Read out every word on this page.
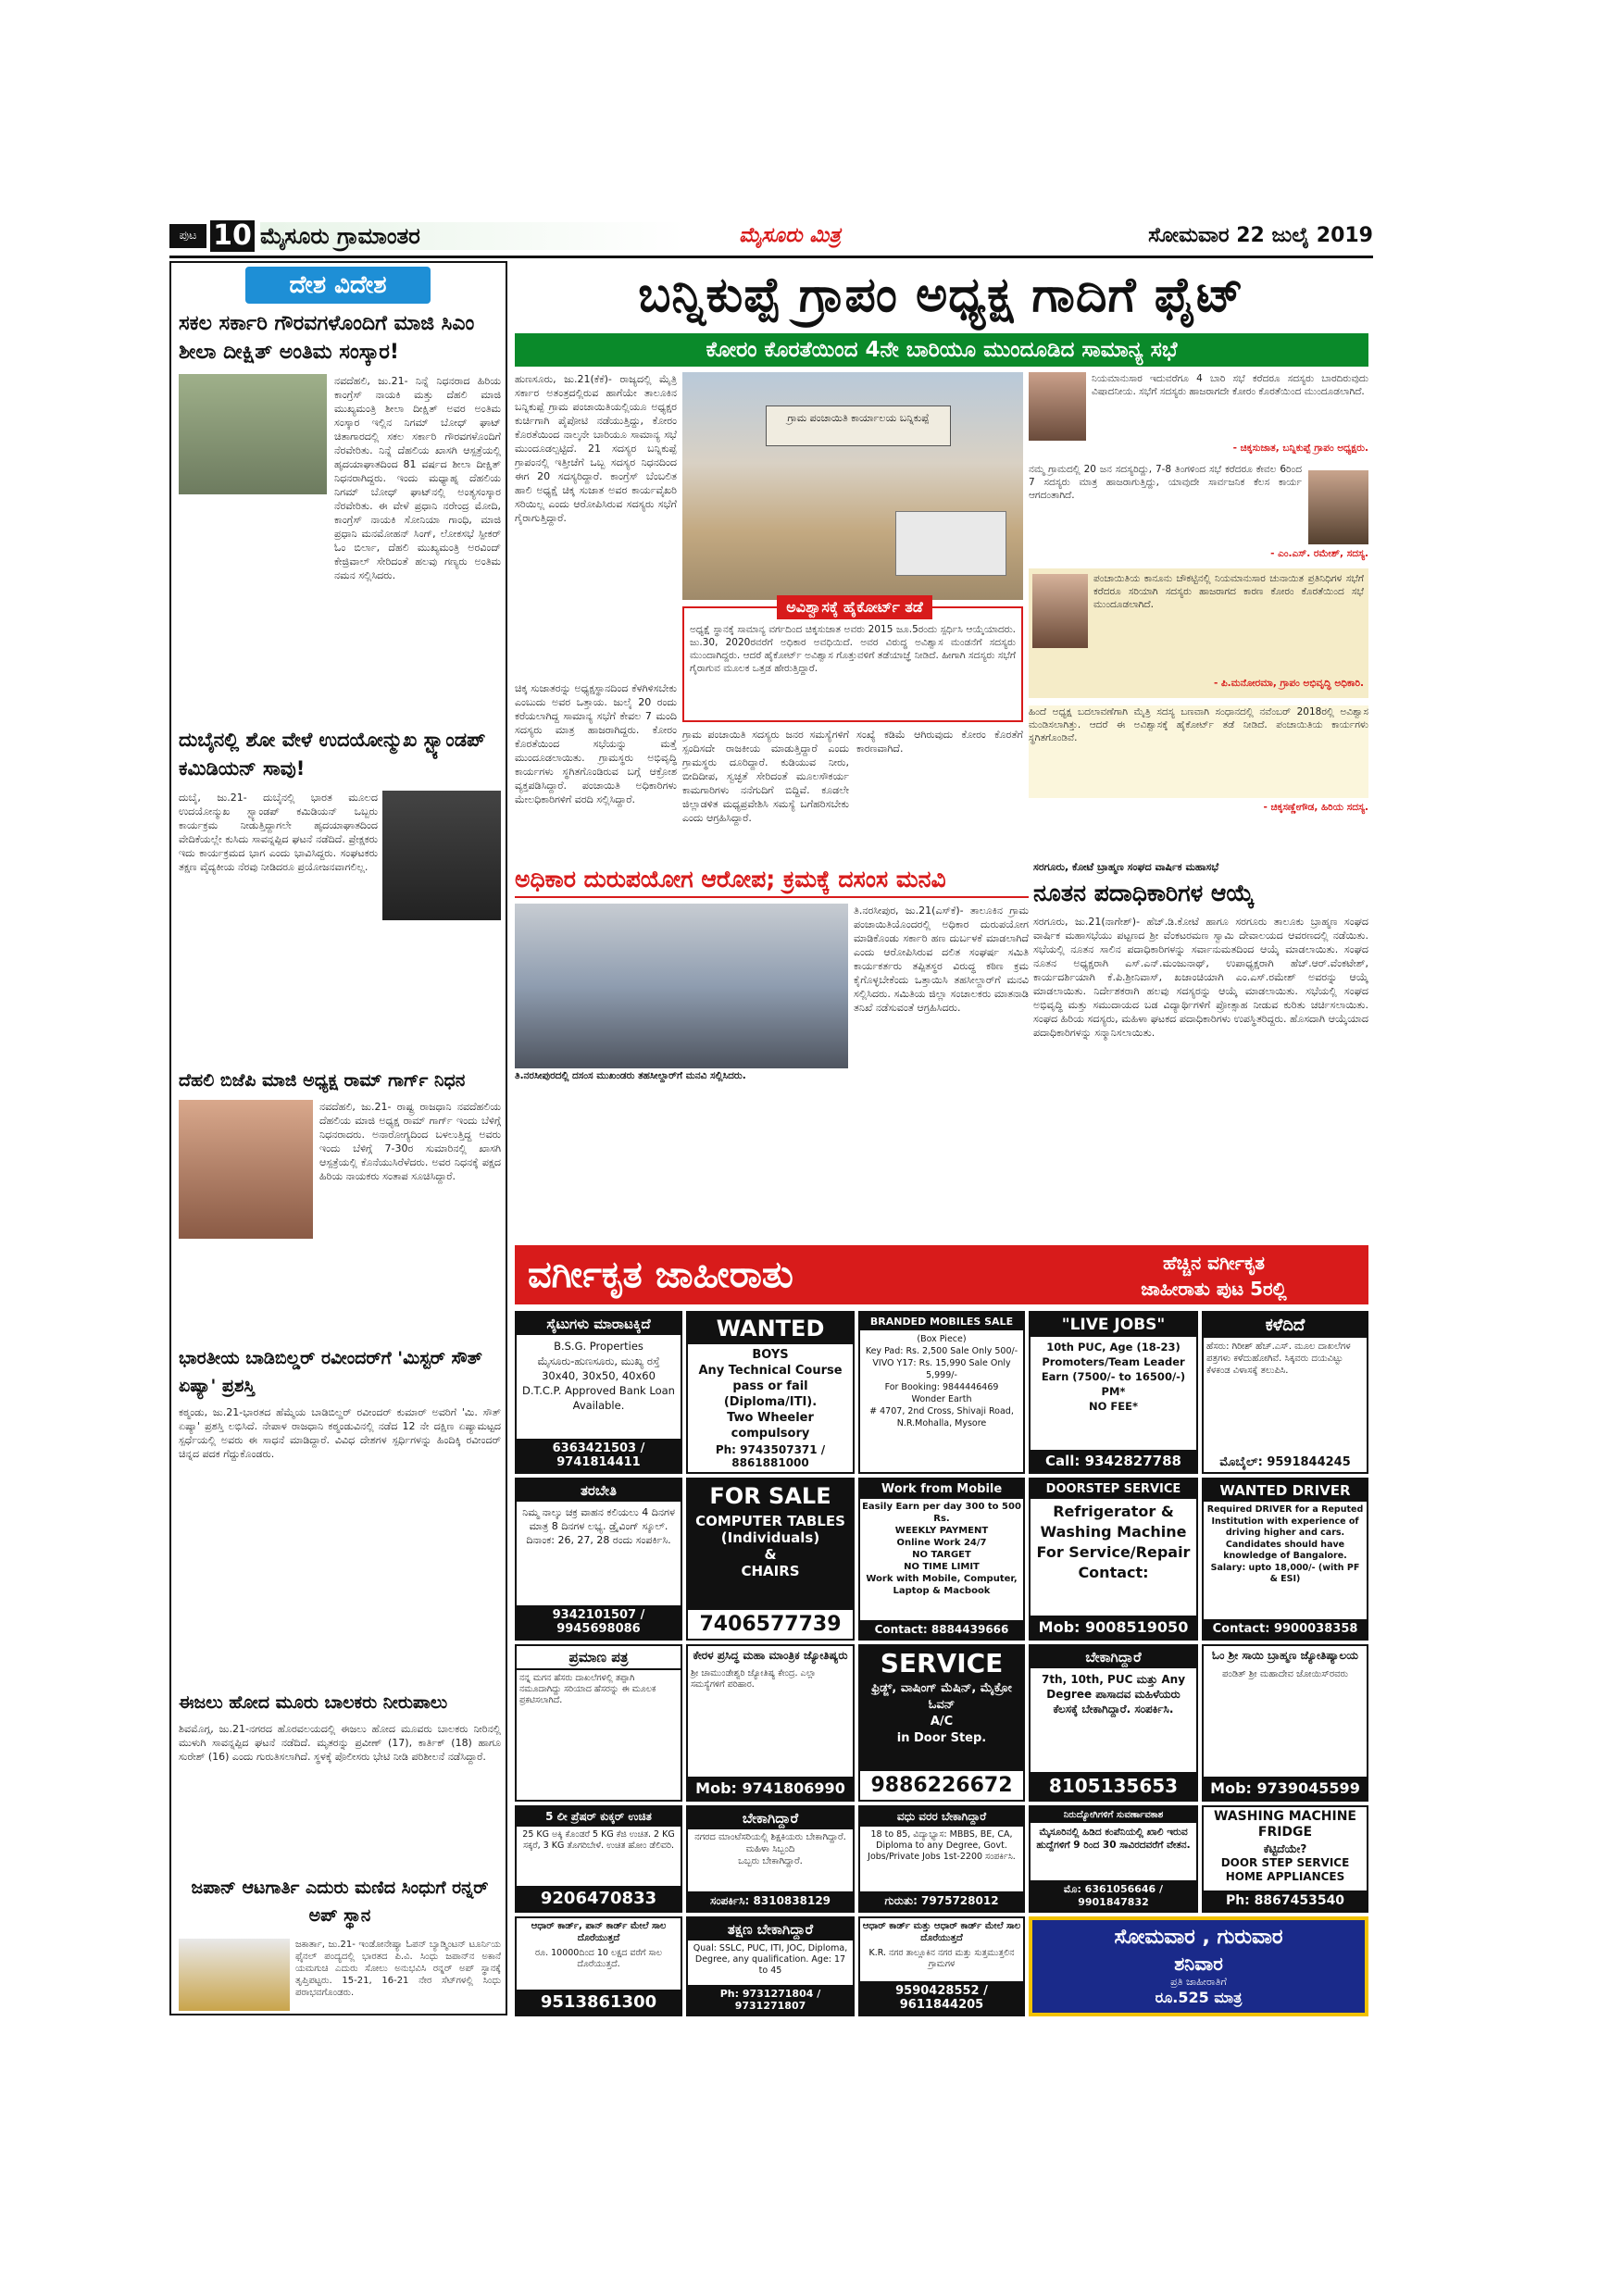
ಪುಟ 10 ಮೈಸೂರು ಗ್ರಾಮಾಂತರ	ಮೈಸೂರು ಮಿತ್ರ	ಸೋಮವಾರ 22 ಜುಲೈ 2019
ದೇಶ ವಿದೇಶ
ಸಕಲ ಸರ್ಕಾರಿ ಗೌರವಗಳೊಂದಿಗೆ ಮಾಜಿ ಸಿಎಂ ಶೀಲಾ ದೀಕ್ಷಿತ್ ಅಂತಿಮ ಸಂಸ್ಕಾರ!
ನವದೆಹಲಿ, ಜು.21- ನಿನ್ನೆ ನಿಧನರಾದ ಹಿರಿಯ ಕಾಂಗ್ರೆಸ್ ನಾಯಕಿ ಮತ್ತು ದೆಹಲಿ ಮಾಜಿ ಮುಖ್ಯಮಂತ್ರಿ ಶೀಲಾ ದೀಕ್ಷಿತ್ ಅವರ ಅಂತಿಮ ಸಂಸ್ಕಾರ ಇಲ್ಲಿನ ನಿಗಮ್ ಬೋಧ್ ಘಾಟ್ ಚಿತಾಗಾರದಲ್ಲಿ ಸಕಲ ಸರ್ಕಾರಿ ಗೌರವಗಳೊಂದಿಗೆ ನೆರವೇರಿತು. ನಿನ್ನೆ ದೆಹಲಿಯ ಖಾಸಗಿ ಆಸ್ಪತ್ರೆಯಲ್ಲಿ ಹೃದಯಾಘಾತದಿಂದ 81 ವರ್ಷದ ಶೀಲಾ ದೀಕ್ಷಿತ್ ನಿಧನರಾಗಿದ್ದರು. ಇಂದು ಮಧ್ಯಾಹ್ನ ದೆಹಲಿಯ ನಿಗಮ್ ಬೋಧ್ ಘಾಟ್‌ನಲ್ಲಿ ಅಂತ್ಯಸಂಸ್ಕಾರ ನೆರವೇರಿತು. ಈ ವೇಳೆ ಪ್ರಧಾನಿ ನರೇಂದ್ರ ಮೋದಿ, ಕಾಂಗ್ರೆಸ್ ನಾಯಕಿ ಸೋನಿಯಾ ಗಾಂಧಿ, ಮಾಜಿ ಪ್ರಧಾನಿ ಮನಮೋಹನ್ ಸಿಂಗ್, ಲೋಕಸಭೆ ಸ್ಪೀಕರ್ ಓಂ ಬಿರ್ಲಾ, ದೆಹಲಿ ಮುಖ್ಯಮಂತ್ರಿ ಅರವಿಂದ್ ಕೇಜ್ರಿವಾಲ್ ಸೇರಿದಂತೆ ಹಲವು ಗಣ್ಯರು ಅಂತಿಮ ನಮನ ಸಲ್ಲಿಸಿದರು.
ದುಬೈನಲ್ಲಿ ಶೋ ವೇಳೆ ಉದಯೋನ್ಮುಖ ಸ್ಟ್ಯಾಂಡಪ್ ಕಮಿಡಿಯನ್ ಸಾವು!
ದುಬೈ, ಜು.21- ದುಬೈನಲ್ಲಿ ಭಾರತ ಮೂಲದ ಉದಯೋನ್ಮುಖ ಸ್ಟ್ಯಾಂಡಪ್ ಕಮಿಡಿಯನ್ ಒಬ್ಬರು ಕಾರ್ಯಕ್ರಮ ನೀಡುತ್ತಿದ್ದಾಗಲೇ ಹೃದಯಾಘಾತದಿಂದ ವೇದಿಕೆಯಲ್ಲೇ ಕುಸಿದು ಸಾವನ್ನಪ್ಪಿದ ಘಟನೆ ನಡೆದಿದೆ. ಪ್ರೇಕ್ಷಕರು ಇದು ಕಾರ್ಯಕ್ರಮದ ಭಾಗ ಎಂದು ಭಾವಿಸಿದ್ದರು. ಸಂಘಟಕರು ತಕ್ಷಣ ವೈದ್ಯಕೀಯ ನೆರವು ನೀಡಿದರೂ ಪ್ರಯೋಜನವಾಗಲಿಲ್ಲ.
ದೆಹಲಿ ಬಿಜೆಪಿ ಮಾಜಿ ಅಧ್ಯಕ್ಷ ರಾಮ್ ಗಾರ್ಗ್ ನಿಧನ
ನವದೆಹಲಿ, ಜು.21- ರಾಷ್ಟ್ರ ರಾಜಧಾನಿ ನವದೆಹಲಿಯ ದೆಹಲಿಯ ಮಾಜಿ ಅಧ್ಯಕ್ಷ ರಾಮ್ ಗಾರ್ಗ್ ಇಂದು ಬೆಳಿಗ್ಗೆ ನಿಧನರಾದರು. ಅನಾರೋಗ್ಯದಿಂದ ಬಳಲುತ್ತಿದ್ದ ಅವರು ಇಂದು ಬೆಳಿಗ್ಗೆ 7-30ರ ಸುಮಾರಿನಲ್ಲಿ ಖಾಸಗಿ ಆಸ್ಪತ್ರೆಯಲ್ಲಿ ಕೊನೆಯುಸಿರೆಳೆದರು. ಅವರ ನಿಧನಕ್ಕೆ ಪಕ್ಷದ ಹಿರಿಯ ನಾಯಕರು ಸಂತಾಪ ಸೂಚಿಸಿದ್ದಾರೆ.
ಭಾರತೀಯ ಬಾಡಿಬಿಲ್ಡರ್ ರವೀಂದರ್‌ಗೆ 'ಮಿಸ್ಟರ್ ಸೌತ್ ಏಷ್ಯಾ' ಪ್ರಶಸ್ತಿ
ಕಠ್ಮಂಡು, ಜು.21-ಭಾರತದ ಹೆಮ್ಮೆಯ ಬಾಡಿಬಿಲ್ಡರ್ ರವೀಂದರ್ ಕುಮಾರ್ ಅವರಿಗೆ 'ಮಿ. ಸೌತ್ ಏಷ್ಯಾ' ಪ್ರಶಸ್ತಿ ಲಭಿಸಿದೆ. ನೇಪಾಳ ರಾಜಧಾನಿ ಕಠ್ಮಂಡುವಿನಲ್ಲಿ ನಡೆದ 12 ನೇ ದಕ್ಷಿಣ ಏಷ್ಯಾಮಟ್ಟದ ಸ್ಪರ್ಧೆಯಲ್ಲಿ ಅವರು ಈ ಸಾಧನೆ ಮಾಡಿದ್ದಾರೆ. ವಿವಿಧ ದೇಶಗಳ ಸ್ಪರ್ಧಿಗಳನ್ನು ಹಿಂದಿಕ್ಕಿ ರವೀಂದರ್ ಚಿನ್ನದ ಪದಕ ಗೆದ್ದುಕೊಂಡರು.
ಈಜಲು ಹೋದ ಮೂರು ಬಾಲಕರು ನೀರುಪಾಲು
ಶಿವಮೊಗ್ಗ, ಜು.21-ನಗರದ ಹೊರವಲಯದಲ್ಲಿ ಈಜಲು ಹೋದ ಮೂವರು ಬಾಲಕರು ನೀರಿನಲ್ಲಿ ಮುಳುಗಿ ಸಾವನ್ನಪ್ಪಿದ ಘಟನೆ ನಡೆದಿದೆ. ಮೃತರನ್ನು ಪ್ರವೀಣ್ (17), ಕಾರ್ತಿಕ್ (18) ಹಾಗೂ ಸುರೇಶ್ (16) ಎಂದು ಗುರುತಿಸಲಾಗಿದೆ. ಸ್ಥಳಕ್ಕೆ ಪೊಲೀಸರು ಭೇಟಿ ನೀಡಿ ಪರಿಶೀಲನೆ ನಡೆಸಿದ್ದಾರೆ.
ಜಪಾನ್ ಆಟಗಾರ್ತಿ ಎದುರು ಮಣಿದ ಸಿಂಧುಗೆ ರನ್ನರ್ ಅಪ್ ಸ್ಥಾನ
ಜಕಾರ್ತಾ, ಜು.21- ಇಂಡೋನೇಷ್ಯಾ ಓಪನ್ ಬ್ಯಾಡ್ಮಿಂಟನ್ ಟೂರ್ನಿಯ ಫೈನಲ್ ಪಂದ್ಯದಲ್ಲಿ ಭಾರತದ ಪಿ.ವಿ. ಸಿಂಧು ಜಪಾನ್‌ನ ಅಕಾನೆ ಯಮಗುಚಿ ಎದುರು ಸೋಲು ಅನುಭವಿಸಿ ರನ್ನರ್ ಅಪ್ ಸ್ಥಾನಕ್ಕೆ ತೃಪ್ತಿಪಟ್ಟರು. 15-21, 16-21 ನೇರ ಸೆಟ್‌ಗಳಲ್ಲಿ ಸಿಂಧು ಪರಾಭವಗೊಂಡರು.
ಬನ್ನಿಕುಪ್ಪೆ ಗ್ರಾಪಂ ಅಧ್ಯಕ್ಷ ಗಾದಿಗೆ ಫೈಟ್
ಕೋರಂ ಕೊರತೆಯಿಂದ 4ನೇ ಬಾರಿಯೂ ಮುಂದೂಡಿದ ಸಾಮಾನ್ಯ ಸಭೆ
ಹುಣಸೂರು, ಜು.21(ಕೆಕೆ)- ರಾಜ್ಯದಲ್ಲಿ ಮೈತ್ರಿ ಸರ್ಕಾರ ಅತಂತ್ರದಲ್ಲಿರುವ ಹಾಗೆಯೇ ತಾಲೂಕಿನ ಬನ್ನಿಕುಪ್ಪೆ ಗ್ರಾಮ ಪಂಚಾಯಿತಿಯಲ್ಲಿಯೂ ಅಧ್ಯಕ್ಷರ ಕುರ್ಚಿಗಾಗಿ ಪೈಪೋಟಿ ನಡೆಯುತ್ತಿದ್ದು, ಕೋರಂ ಕೊರತೆಯಿಂದ ನಾಲ್ಕನೇ ಬಾರಿಯೂ ಸಾಮಾನ್ಯ ಸಭೆ ಮುಂದೂಡಲ್ಪಟ್ಟಿದೆ. 21 ಸದಸ್ಯರ ಬನ್ನಿಕುಪ್ಪೆ ಗ್ರಾಪಂನಲ್ಲಿ ಇತ್ತೀಚೆಗೆ ಒಬ್ಬ ಸದಸ್ಯರ ನಿಧನದಿಂದ ಈಗ 20 ಸದಸ್ಯರಿದ್ದಾರೆ. ಕಾಂಗ್ರೆಸ್ ಬೆಂಬಲಿತ ಹಾಲಿ ಅಧ್ಯಕ್ಷೆ ಚಿಕ್ಕ ಸುಜಾತ ಅವರ ಕಾರ್ಯವೈಖರಿ ಸರಿಯಿಲ್ಲ ಎಂದು ಆರೋಪಿಸಿರುವ ಸದಸ್ಯರು ಸಭೆಗೆ ಗೈರಾಗುತ್ತಿದ್ದಾರೆ.
ಗ್ರಾಮ ಪಂಚಾಯಿತಿ ಕಾರ್ಯಾಲಯ ಬನ್ನಿಕುಪ್ಪೆ
ಚಿಕ್ಕ ಸುಜಾತರನ್ನು ಅಧ್ಯಕ್ಷಸ್ಥಾನದಿಂದ ಕೆಳಗಿಳಿಸಬೇಕು ಎಂಬುದು ಅವರ ಒತ್ತಾಯ. ಜುಲೈ 20 ರಂದು ಕರೆಯಲಾಗಿದ್ದ ಸಾಮಾನ್ಯ ಸಭೆಗೆ ಕೇವಲ 7 ಮಂದಿ ಸದಸ್ಯರು ಮಾತ್ರ ಹಾಜರಾಗಿದ್ದರು. ಕೋರಂ ಕೊರತೆಯಿಂದ ಸಭೆಯನ್ನು ಮತ್ತೆ ಮುಂದೂಡಲಾಯಿತು. ಗ್ರಾಮಸ್ಥರು ಅಭಿವೃದ್ಧಿ ಕಾರ್ಯಗಳು ಸ್ಥಗಿತಗೊಂಡಿರುವ ಬಗ್ಗೆ ಆಕ್ರೋಶ ವ್ಯಕ್ತಪಡಿಸಿದ್ದಾರೆ. ಪಂಚಾಯಿತಿ ಅಧಿಕಾರಿಗಳು ಮೇಲಧಿಕಾರಿಗಳಿಗೆ ವರದಿ ಸಲ್ಲಿಸಿದ್ದಾರೆ.
ಅವಿಶ್ವಾಸಕ್ಕೆ ಹೈಕೋರ್ಟ್ ತಡೆ
ಅಧ್ಯಕ್ಷೆ ಸ್ಥಾನಕ್ಕೆ ಸಾಮಾನ್ಯ ವರ್ಗದಿಂದ ಚಿಕ್ಕಸುಜಾತ ಅವರು 2015 ಜೂ.5ರಂದು ಸ್ಪರ್ಧಿಸಿ ಆಯ್ಕೆಯಾದರು. ಜು.30, 2020ರವರೆಗೆ ಅಧಿಕಾರ ಅವಧಿಯಿದೆ. ಅವರ ವಿರುದ್ಧ ಅವಿಶ್ವಾಸ ಮಂಡನೆಗೆ ಸದಸ್ಯರು ಮುಂದಾಗಿದ್ದರು. ಆದರೆ ಹೈಕೋರ್ಟ್ ಅವಿಶ್ವಾಸ ಗೊತ್ತುವಳಿಗೆ ತಡೆಯಾಜ್ಞೆ ನೀಡಿದೆ. ಹೀಗಾಗಿ ಸದಸ್ಯರು ಸಭೆಗೆ ಗೈರಾಗುವ ಮೂಲಕ ಒತ್ತಡ ಹೇರುತ್ತಿದ್ದಾರೆ.
ಗ್ರಾಮ ಪಂಚಾಯಿತಿ ಸದಸ್ಯರು ಜನರ ಸಮಸ್ಯೆಗಳಿಗೆ ಸ್ಪಂದಿಸದೇ ರಾಜಕೀಯ ಮಾಡುತ್ತಿದ್ದಾರೆ ಎಂದು ಗ್ರಾಮಸ್ಥರು ದೂರಿದ್ದಾರೆ. ಕುಡಿಯುವ ನೀರು, ಬೀದಿದೀಪ, ಸ್ವಚ್ಛತೆ ಸೇರಿದಂತೆ ಮೂಲಸೌಕರ್ಯ ಕಾಮಗಾರಿಗಳು ನನೆಗುದಿಗೆ ಬಿದ್ದಿವೆ. ಕೂಡಲೇ ಜಿಲ್ಲಾಡಳಿತ ಮಧ್ಯಪ್ರವೇಶಿಸಿ ಸಮಸ್ಯೆ ಬಗೆಹರಿಸಬೇಕು ಎಂದು ಆಗ್ರಹಿಸಿದ್ದಾರೆ.
ಸಂಖ್ಯೆ ಕಡಿಮೆ ಆಗಿರುವುದು ಕೋರಂ ಕೊರತೆಗೆ ಕಾರಣವಾಗಿದೆ.
ನಿಯಮಾನುಸಾರ ಇದುವರೆಗೂ 4 ಬಾರಿ ಸಭೆ ಕರೆದರೂ ಸದಸ್ಯರು ಬಾರದಿರುವುದು ವಿಷಾದನೀಯ. ಸಭೆಗೆ ಸದಸ್ಯರು ಹಾಜರಾಗದೇ ಕೋರಂ ಕೊರತೆಯಿಂದ ಮುಂದೂಡಲಾಗಿದೆ.
- ಚಿಕ್ಕಸುಜಾತ, ಬನ್ನಿಕುಪ್ಪೆ ಗ್ರಾಪಂ ಅಧ್ಯಕ್ಷರು.
ನಮ್ಮ ಗ್ರಾಮದಲ್ಲಿ 20 ಜನ ಸದಸ್ಯರಿದ್ದು, 7-8 ತಿಂಗಳಿಂದ ಸಭೆ ಕರೆದರೂ ಕೇವಲ 6ರಿಂದ 7 ಸದಸ್ಯರು ಮಾತ್ರ ಹಾಜರಾಗುತ್ತಿದ್ದು, ಯಾವುದೇ ಸಾರ್ವಜನಿಕ ಕೆಲಸ ಕಾರ್ಯ ಆಗದಂತಾಗಿದೆ.
- ಎಂ.ಎಸ್. ರಮೇಶ್, ಸದಸ್ಯ.
ಪಂಚಾಯಿತಿಯ ಕಾನೂನು ಚೌಕಟ್ಟಿನಲ್ಲಿ ನಿಯಮಾನುಸಾರ ಚುನಾಯಿತ ಪ್ರತಿನಿಧಿಗಳ ಸಭೆಗೆ ಕರೆದರೂ ಸರಿಯಾಗಿ ಸದಸ್ಯರು ಹಾಜರಾಗದ ಕಾರಣ ಕೋರಂ ಕೊರತೆಯಿಂದ ಸಭೆ ಮುಂದೂಡಲಾಗಿದೆ.
- ಪಿ.ಮನೋರಮಾ, ಗ್ರಾಪಂ ಅಭಿವೃದ್ಧಿ ಅಧಿಕಾರಿ.
ಹಿಂದೆ ಅಧ್ಯಕ್ಷ ಬದಲಾವಣೆಗಾಗಿ ಮೈತ್ರಿ ಸದಸ್ಯ ಬಣವಾಗಿ ಸಂಧಾನದಲ್ಲಿ ನವೆಂಬರ್ 2018ರಲ್ಲಿ ಅವಿಶ್ವಾಸ ಮಂಡಿಸಲಾಗಿತ್ತು. ಆದರೆ ಈ ಅವಿಶ್ವಾಸಕ್ಕೆ ಹೈಕೋರ್ಟ್ ತಡೆ ನೀಡಿದೆ. ಪಂಚಾಯಿತಿಯ ಕಾರ್ಯಗಳು ಸ್ಥಗಿತಗೊಂಡಿವೆ.
- ಚಿಕ್ಕಸಣ್ಣೇಗೌಡ, ಹಿರಿಯ ಸದಸ್ಯ.
ಅಧಿಕಾರ ದುರುಪಯೋಗ ಆರೋಪ; ಕ್ರಮಕ್ಕೆ ದಸಂಸ ಮನವಿ
ತಿ.ನರಸೀಪುರದಲ್ಲಿ ದಸಂಸ ಮುಖಂಡರು ತಹಸೀಲ್ದಾರ್‌ಗೆ ಮನವಿ ಸಲ್ಲಿಸಿದರು.
ತಿ.ನರಸೀಪುರ, ಜು.21(ಎಸ್‌ಕೆ)- ತಾಲೂಕಿನ ಗ್ರಾಮ ಪಂಚಾಯಿತಿಯೊಂದರಲ್ಲಿ ಅಧಿಕಾರ ದುರುಪಯೋಗ ಮಾಡಿಕೊಂಡು ಸರ್ಕಾರಿ ಹಣ ದುರ್ಬಳಕೆ ಮಾಡಲಾಗಿದೆ ಎಂದು ಆರೋಪಿಸಿರುವ ದಲಿತ ಸಂಘರ್ಷ ಸಮಿತಿ ಕಾರ್ಯಕರ್ತರು ತಪ್ಪಿತಸ್ಥರ ವಿರುದ್ಧ ಕಠಿಣ ಕ್ರಮ ಕೈಗೊಳ್ಳಬೇಕೆಂದು ಒತ್ತಾಯಿಸಿ ತಹಸೀಲ್ದಾರ್‌ಗೆ ಮನವಿ ಸಲ್ಲಿಸಿದರು. ಸಮಿತಿಯ ಜಿಲ್ಲಾ ಸಂಚಾಲಕರು ಮಾತನಾಡಿ ತನಿಖೆ ನಡೆಸುವಂತೆ ಆಗ್ರಹಿಸಿದರು.
ಸರಗೂರು, ಕೋಟೆ ಬ್ರಾಹ್ಮಣ ಸಂಘದ ವಾರ್ಷಿಕ ಮಹಾಸಭೆ
ನೂತನ ಪದಾಧಿಕಾರಿಗಳ ಆಯ್ಕೆ
ಸರಗೂರು, ಜು.21(ನಾಗೇಶ್)- ಹೆಚ್.ಡಿ.ಕೋಟೆ ಹಾಗೂ ಸರಗೂರು ತಾಲೂಕು ಬ್ರಾಹ್ಮಣ ಸಂಘದ ವಾರ್ಷಿಕ ಮಹಾಸಭೆಯು ಪಟ್ಟಣದ ಶ್ರೀ ವೆಂಕಟರಮಣ ಸ್ವಾಮಿ ದೇವಾಲಯದ ಆವರಣದಲ್ಲಿ ನಡೆಯಿತು. ಸಭೆಯಲ್ಲಿ ನೂತನ ಸಾಲಿನ ಪದಾಧಿಕಾರಿಗಳನ್ನು ಸರ್ವಾನುಮತದಿಂದ ಆಯ್ಕೆ ಮಾಡಲಾಯಿತು. ಸಂಘದ ನೂತನ ಅಧ್ಯಕ್ಷರಾಗಿ ಎಸ್.ಎನ್.ಮಂಜುನಾಥ್, ಉಪಾಧ್ಯಕ್ಷರಾಗಿ ಹೆಚ್.ಆರ್.ವೆಂಕಟೇಶ್, ಕಾರ್ಯದರ್ಶಿಯಾಗಿ ಕೆ.ಪಿ.ಶ್ರೀನಿವಾಸ್, ಖಜಾಂಚಿಯಾಗಿ ಎಂ.ಎಸ್.ರಮೇಶ್ ಅವರನ್ನು ಆಯ್ಕೆ ಮಾಡಲಾಯಿತು. ನಿರ್ದೇಶಕರಾಗಿ ಹಲವು ಸದಸ್ಯರನ್ನು ಆಯ್ಕೆ ಮಾಡಲಾಯಿತು. ಸಭೆಯಲ್ಲಿ ಸಂಘದ ಅಭಿವೃದ್ಧಿ ಮತ್ತು ಸಮುದಾಯದ ಬಡ ವಿದ್ಯಾರ್ಥಿಗಳಿಗೆ ಪ್ರೋತ್ಸಾಹ ನೀಡುವ ಕುರಿತು ಚರ್ಚಿಸಲಾಯಿತು. ಸಂಘದ ಹಿರಿಯ ಸದಸ್ಯರು, ಮಹಿಳಾ ಘಟಕದ ಪದಾಧಿಕಾರಿಗಳು ಉಪಸ್ಥಿತರಿದ್ದರು. ಹೊಸದಾಗಿ ಆಯ್ಕೆಯಾದ ಪದಾಧಿಕಾರಿಗಳನ್ನು ಸನ್ಮಾನಿಸಲಾಯಿತು.
ವರ್ಗೀಕೃತ ಜಾಹೀರಾತು	ಹೆಚ್ಚಿನ ವರ್ಗೀಕೃತ
ಜಾಹೀರಾತು ಪುಟ 5ರಲ್ಲಿ
ಸೈಟುಗಳು ಮಾರಾಟಕ್ಕಿದೆ
B.S.G. Properties
ಮೈಸೂರು-ಹುಣಸೂರು, ಮುಖ್ಯ ರಸ್ತೆ
30x40, 30x50, 40x60
D.T.C.P. Approved Bank Loan Available.
6363421503 / 9741814411
WANTED
BOYS
Any Technical Course pass or fail (Diploma/ITI).
Two Wheeler compulsory
Ph: 9743507371 / 8861881000
BRANDED MOBILES SALE
(Box Piece)
Key Pad: Rs. 2,500 Sale Only 500/-
VIVO Y17: Rs. 15,990 Sale Only 5,999/-
For Booking: 9844446469
Wonder Earth
# 4707, 2nd Cross, Shivaji Road, N.R.Mohalla, Mysore
"LIVE JOBS"
10th PUC, Age (18-23)
Promoters/Team Leader
Earn (7500/- to 16500/-) PM*
NO FEE*
Call: 9342827788
ಕಳೆದಿದೆ
ಹೆಸರು: ಗಿರೀಶ್ ಹೆಚ್.ಎಸ್. ಮೂಲ ದಾಖಲೆಗಳ ಪತ್ರಗಳು ಕಳೆದುಹೋಗಿವೆ. ಸಿಕ್ಕವರು ದಯವಿಟ್ಟು ಕೆಳಕಂಡ ವಿಳಾಸಕ್ಕೆ ತಲುಪಿಸಿ.
ಮೊಬೈಲ್: 9591844245
ತರಬೇತಿ
ನಿಮ್ಮ ನಾಲ್ಕು ಚಕ್ರ ವಾಹನ ಕಲಿಯಲು 4 ದಿನಗಳ ಮಾತ್ರ 8 ದಿನಗಳ ಲಭ್ಯ. ಡ್ರೈವಿಂಗ್ ಸ್ಕೂಲ್. ದಿನಾಂಕ: 26, 27, 28 ರಂದು ಸಂಪರ್ಕಿಸಿ.
9342101507 / 9945698086
FOR SALE
COMPUTER TABLES
(Individuals)
&
CHAIRS
7406577739
Work from Mobile
Easily Earn per day 300 to 500 Rs.
WEEKLY PAYMENT
Online Work 24/7
NO TARGET
NO TIME LIMIT
Work with Mobile, Computer, Laptop & Macbook
Contact: 8884439666
DOORSTEP SERVICE
Refrigerator &
Washing Machine
For Service/Repair
Contact:
Mob: 9008519050
WANTED DRIVER
Required DRIVER for a Reputed Institution with experience of driving higher and cars. Candidates should have knowledge of Bangalore.
Salary: upto 18,000/- (with PF & ESI)
Contact: 9900038358
ಪ್ರಮಾಣ ಪತ್ರ
ನನ್ನ ಮಗನ ಹೆಸರು ದಾಖಲೆಗಳಲ್ಲಿ ತಪ್ಪಾಗಿ ನಮೂದಾಗಿದ್ದು ಸರಿಯಾದ ಹೆಸರನ್ನು ಈ ಮೂಲಕ ಪ್ರಕಟಿಸಲಾಗಿದೆ.
ಕೇರಳ ಪ್ರಸಿದ್ಧ ಮಹಾ ಮಾಂತ್ರಿಕ ಜ್ಯೋತಿಷ್ಯರು
ಶ್ರೀ ಚಾಮುಂಡೇಶ್ವರಿ ಜ್ಯೋತಿಷ್ಯ ಕೇಂದ್ರ. ಎಲ್ಲಾ ಸಮಸ್ಯೆಗಳಿಗೆ ಪರಿಹಾರ.
Mob: 9741806990
SERVICE
ಫ್ರಿಡ್ಜ್, ವಾಷಿಂಗ್ ಮೆಷಿನ್, ಮೈಕ್ರೋ ಓವನ್
A/C
in Door Step.
9886226672
ಬೇಕಾಗಿದ್ದಾರೆ
7th, 10th, PUC ಮತ್ತು Any Degree ಪಾಸಾದವ ಮಹಿಳೆಯರು ಕೆಲಸಕ್ಕೆ ಬೇಕಾಗಿದ್ದಾರೆ. ಸಂಪರ್ಕಿಸಿ.
8105135653
ಓಂ ಶ್ರೀ ಸಾಯಿ ಬ್ರಾಹ್ಮಣ ಜ್ಯೋತಿಷ್ಯಾಲಯ
ಪಂಡಿತ್ ಶ್ರೀ ಮಹಾದೇವ ಜೋಯಿಸ್‌ರವರು
Mob: 9739045599
5 ಲೀ ಪ್ರೆಷರ್ ಕುಕ್ಕರ್ ಉಚಿತ
25 KG ಅಕ್ಕಿ ಕೊಂಡರೆ 5 KG ಕೆಜಿ ಉಚಿತ. 2 KG ಸಕ್ಕರೆ, 3 KG ತೊಗರಿಬೇಳೆ. ಉಚಿತ ಹೋಂ ಡೆಲಿವರಿ.
9206470833
ಬೇಕಾಗಿದ್ದಾರೆ
ನಗರದ ಮಾಂಟೆಸರಿಯಲ್ಲಿ ಶಿಕ್ಷಕಿಯರು ಬೇಕಾಗಿದ್ದಾರೆ.
ಮಹಿಳಾ ಸಿಬ್ಬಂದಿ
ಒಬ್ಬರು ಬೇಕಾಗಿದ್ದಾರೆ.
ಸಂಪರ್ಕಿಸಿ: 8310838129
ವಧು ವರರ ಬೇಕಾಗಿದ್ದಾರೆ
18 to 85, ವಿದ್ಯಾಭ್ಯಾಸ: MBBS, BE, CA, Diploma to any Degree, Govt. Jobs/Private Jobs 1st-2200 ಸಂಪರ್ಕಿಸಿ.
ಗುರುತು: 7975728012
ನಿರುದ್ಯೋಗಿಗಳಿಗೆ ಸುವರ್ಣಾವಕಾಶ
ಮೈಸೂರಿನಲ್ಲಿ ಹಿಡಿದ ಕಂಪೆನಿಯಲ್ಲಿ ಖಾಲಿ ಇರುವ ಹುದ್ದೆಗಳಿಗೆ 9 ರಿಂದ 30 ಸಾವಿರದವರೆಗೆ ವೇತನ.
ಮೊ: 6361056646 / 9901847832
WASHING MACHINE FRIDGE
ಕೆಟ್ಟಿದೆಯೇ?
DOOR STEP SERVICE
HOME APPLIANCES
Ph: 8867453540
ಆಧಾರ್ ಕಾರ್ಡ್, ಪಾನ್ ಕಾರ್ಡ್ ಮೇಲೆ ಸಾಲ ದೊರೆಯುತ್ತದೆ
ರೂ. 10000ದಿಂದ 10 ಲಕ್ಷದ ವರೆಗೆ ಸಾಲ ದೊರೆಯುತ್ತದೆ.
9513861300
ತಕ್ಷಣ ಬೇಕಾಗಿದ್ದಾರೆ
Qual: SSLC, PUC, ITI, JOC, Diploma, Degree, any qualification. Age: 17 to 45
Ph: 9731271804 / 9731271807
ಆಧಾರ್ ಕಾರ್ಡ್ ಮತ್ತು ಆಧಾರ್ ಕಾರ್ಡ್ ಮೇಲೆ ಸಾಲ ದೊರೆಯುತ್ತದೆ
K.R. ನಗರ ತಾಲ್ಲೂಕಿನ ನಗರ ಮತ್ತು ಸುತ್ತಮುತ್ತಲಿನ ಗ್ರಾಮಗಳ
9590428552 / 9611844205
ಸೋಮವಾರ , ಗುರುವಾರ
ಶನಿವಾರ
ಪ್ರತಿ ಜಾಹೀರಾತಿಗೆ
ರೂ.525 ಮಾತ್ರ
